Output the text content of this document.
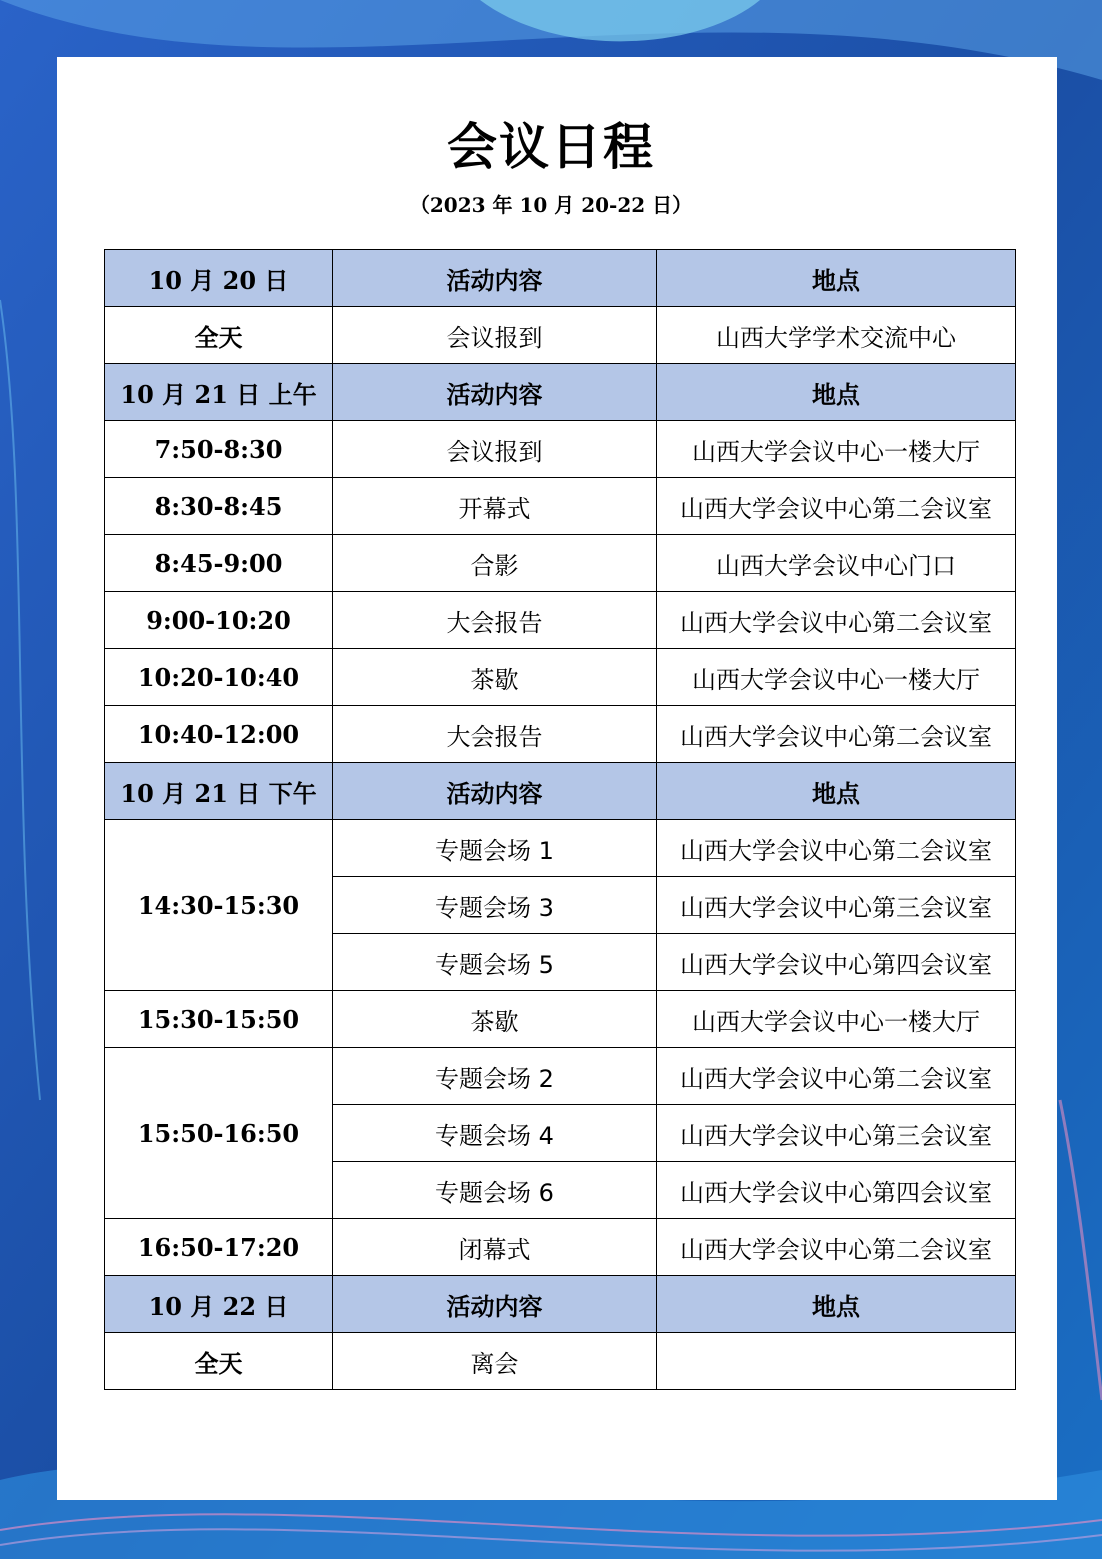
会议日程
（2023 年 10 月 20-22 日）
10 月 20 日	活动内容	地点
全天	会议报到	山西大学学术交流中心
10 月 21 日 上午	活动内容	地点
7:50-8:30	会议报到	山西大学会议中心一楼大厅
8:30-8:45	开幕式	山西大学会议中心第二会议室
8:45-9:00	合影	山西大学会议中心门口
9:00-10:20	大会报告	山西大学会议中心第二会议室
10:20-10:40	茶歇	山西大学会议中心一楼大厅
10:40-12:00	大会报告	山西大学会议中心第二会议室
10 月 21 日 下午	活动内容	地点
14:30-15:30	专题会场 1	山西大学会议中心第二会议室
	专题会场 3	山西大学会议中心第三会议室
	专题会场 5	山西大学会议中心第四会议室
15:30-15:50	茶歇	山西大学会议中心一楼大厅
15:50-16:50	专题会场 2	山西大学会议中心第二会议室
	专题会场 4	山西大学会议中心第三会议室
	专题会场 6	山西大学会议中心第四会议室
16:50-17:20	闭幕式	山西大学会议中心第二会议室
10 月 22 日	活动内容	地点
全天	离会	
